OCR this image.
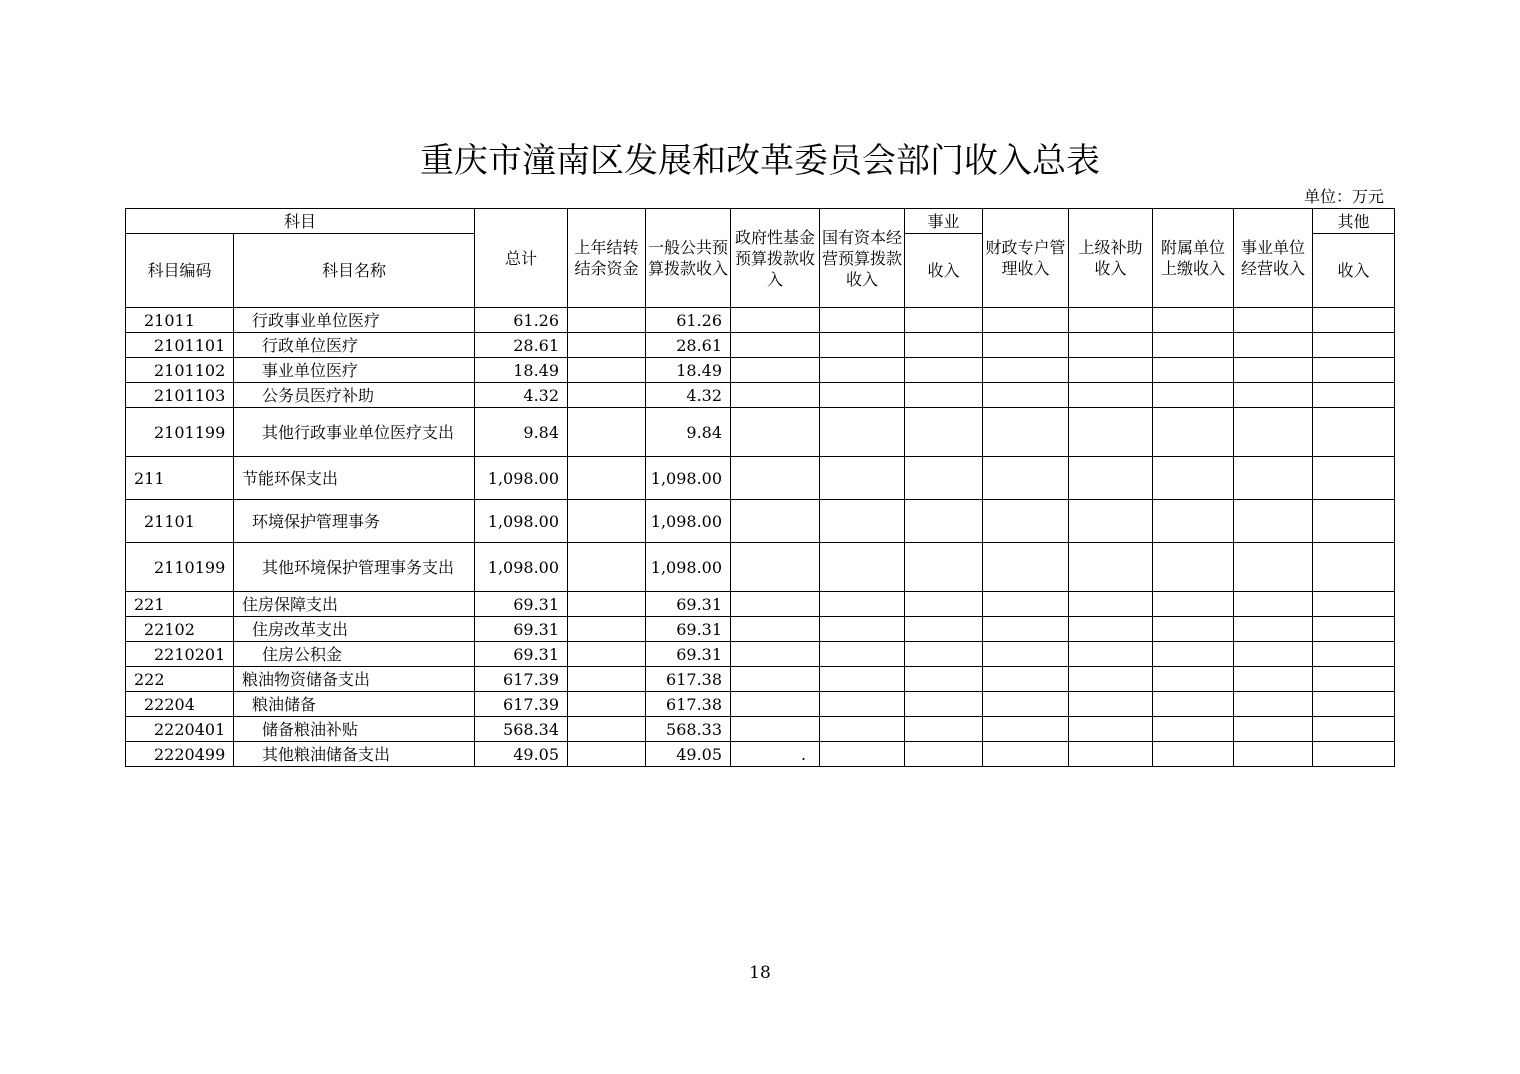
重庆市潼南区发展和改革委员会部门收入总表
单位：万元
科目		总计	上年结转结余资金	一般公共预算拨款收入	政府性基金预算拨款收入	国有资本经营预算拨款收入	事业	财政专户管理收入	上级补助收入	附属单位上缴收入	事业单位经营收入	其他
科目编码	科目名称						收入					收入
21011	行政事业单位医疗	61.26		61.26								
2101101	行政单位医疗	28.61		28.61								
2101102	事业单位医疗	18.49		18.49								
2101103	公务员医疗补助	4.32		4.32								
2101199	其他行政事业单位医疗支出	9.84		9.84								
211	节能环保支出	1,098.00		1,098.00								
21101	环境保护管理事务	1,098.00		1,098.00								
2110199	其他环境保护管理事务支出	1,098.00		1,098.00								
221	住房保障支出	69.31		69.31								
22102	住房改革支出	69.31		69.31								
2210201	住房公积金	69.31		69.31								
222	粮油物资储备支出	617.39		617.38								
22204	粮油储备	617.39		617.38								
2220401	储备粮油补贴	568.34		568.33								
2220499	其他粮油储备支出	49.05		49.05	.							
18
